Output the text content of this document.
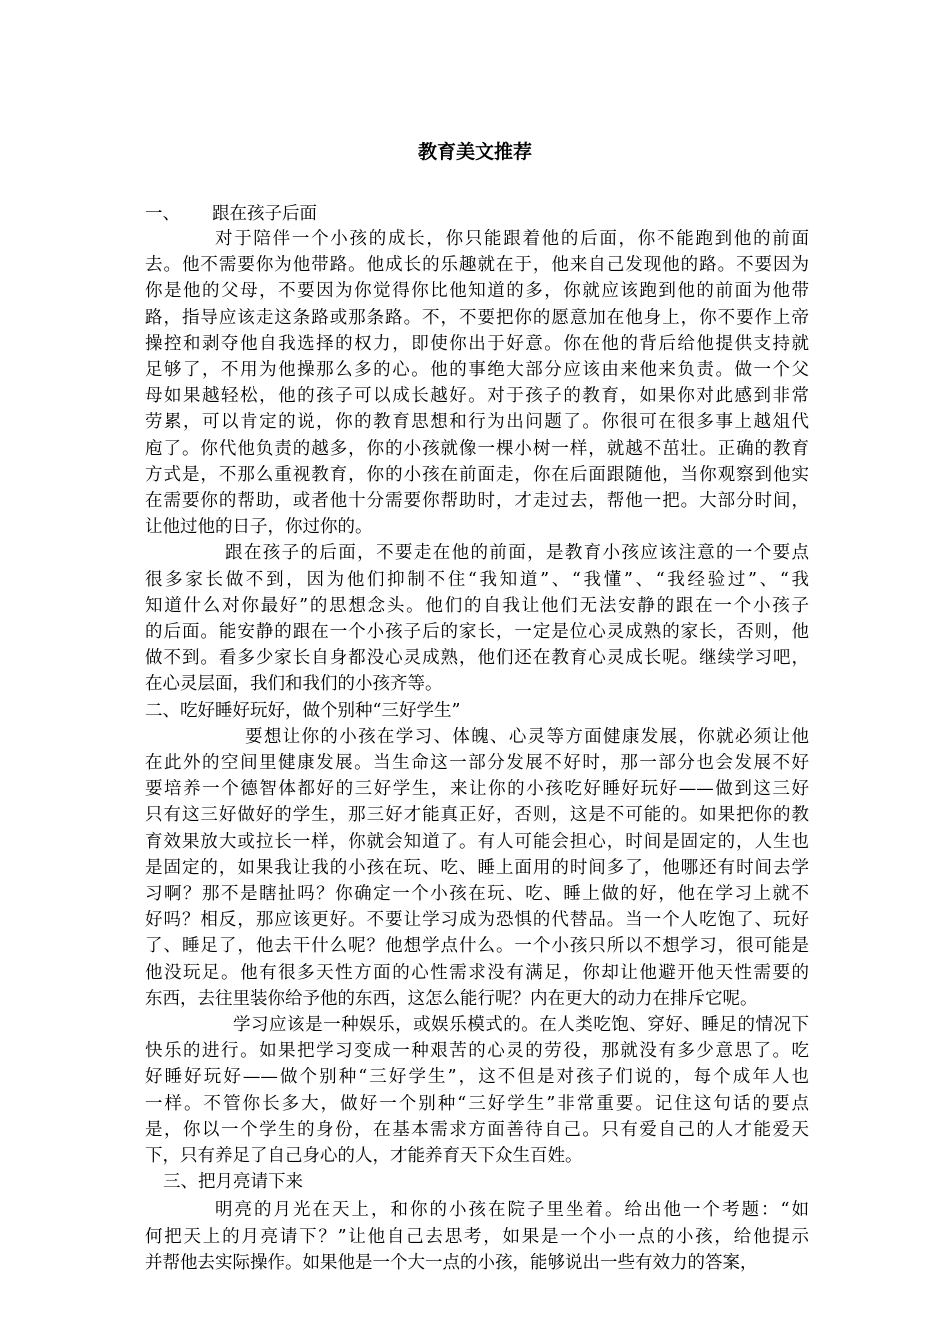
教育美文推荐
一、 跟在孩子后面
对于陪伴一个小孩的成长，你只能跟着他的后面，你不能跑到他的前面
去。他不需要你为他带路。他成长的乐趣就在于，他来自己发现他的路。不要因为
你是他的父母，不要因为你觉得你比他知道的多，你就应该跑到他的前面为他带
路，指导应该走这条路或那条路。不，不要把你的愿意加在他身上，你不要作上帝
操控和剥夺他自我选择的权力，即使你出于好意。你在他的背后给他提供支持就
足够了，不用为他操那么多的心。他的事绝大部分应该由来他来负责。做一个父
母如果越轻松，他的孩子可以成长越好。对于孩子的教育，如果你对此感到非常
劳累，可以肯定的说，你的教育思想和行为出问题了。你很可在很多事上越俎代
庖了。你代他负责的越多，你的小孩就像一棵小树一样，就越不茁壮。正确的教育
方式是，不那么重视教育，你的小孩在前面走，你在后面跟随他，当你观察到他实
在需要你的帮助，或者他十分需要你帮助时，才走过去，帮他一把。大部分时间，
让他过他的日子，你过你的。
跟在孩子的后面，不要走在他的前面，是教育小孩应该注意的一个要点
很多家长做不到，因为他们抑制不住“我知道”、“我懂”、“我经验过”、“我
知道什么对你最好”的思想念头。他们的自我让他们无法安静的跟在一个小孩子
的后面。能安静的跟在一个小孩子后的家长，一定是位心灵成熟的家长，否则，他
做不到。看多少家长自身都没心灵成熟，他们还在教育心灵成长呢。继续学习吧，
在心灵层面，我们和我们的小孩齐等。
二、吃好睡好玩好，做个别种“三好学生”
要想让你的小孩在学习、体魄、心灵等方面健康发展，你就必须让他
在此外的空间里健康发展。当生命这一部分发展不好时，那一部分也会发展不好
要培养一个德智体都好的三好学生，来让你的小孩吃好睡好玩好——做到这三好
只有这三好做好的学生，那三好才能真正好，否则，这是不可能的。如果把你的教
育效果放大或拉长一样，你就会知道了。有人可能会担心，时间是固定的，人生也
是固定的，如果我让我的小孩在玩、吃、睡上面用的时间多了，他哪还有时间去学
习啊？那不是瞎扯吗？你确定一个小孩在玩、吃、睡上做的好，他在学习上就不
好吗？相反，那应该更好。不要让学习成为恐惧的代替品。当一个人吃饱了、玩好
了、睡足了，他去干什么呢？他想学点什么。一个小孩只所以不想学习，很可能是
他没玩足。他有很多天性方面的心性需求没有满足，你却让他避开他天性需要的
东西，去往里装你给予他的东西，这怎么能行呢？内在更大的动力在排斥它呢。
学习应该是一种娱乐，或娱乐模式的。在人类吃饱、穿好、睡足的情况下
快乐的进行。如果把学习变成一种艰苦的心灵的劳役，那就没有多少意思了。吃
好睡好玩好——做个别种“三好学生”，这不但是对孩子们说的，每个成年人也
一样。不管你长多大，做好一个别种“三好学生”非常重要。记住这句话的要点
是，你以一个学生的身份，在基本需求方面善待自己。只有爱自己的人才能爱天
下，只有养足了自己身心的人，才能养育天下众生百姓。
三、把月亮请下来
明亮的月光在天上，和你的小孩在院子里坐着。给出他一个考题：“如
何把天上的月亮请下？”让他自己去思考，如果是一个小一点的小孩，给他提示
并帮他去实际操作。如果他是一个大一点的小孩，能够说出一些有效力的答案，
